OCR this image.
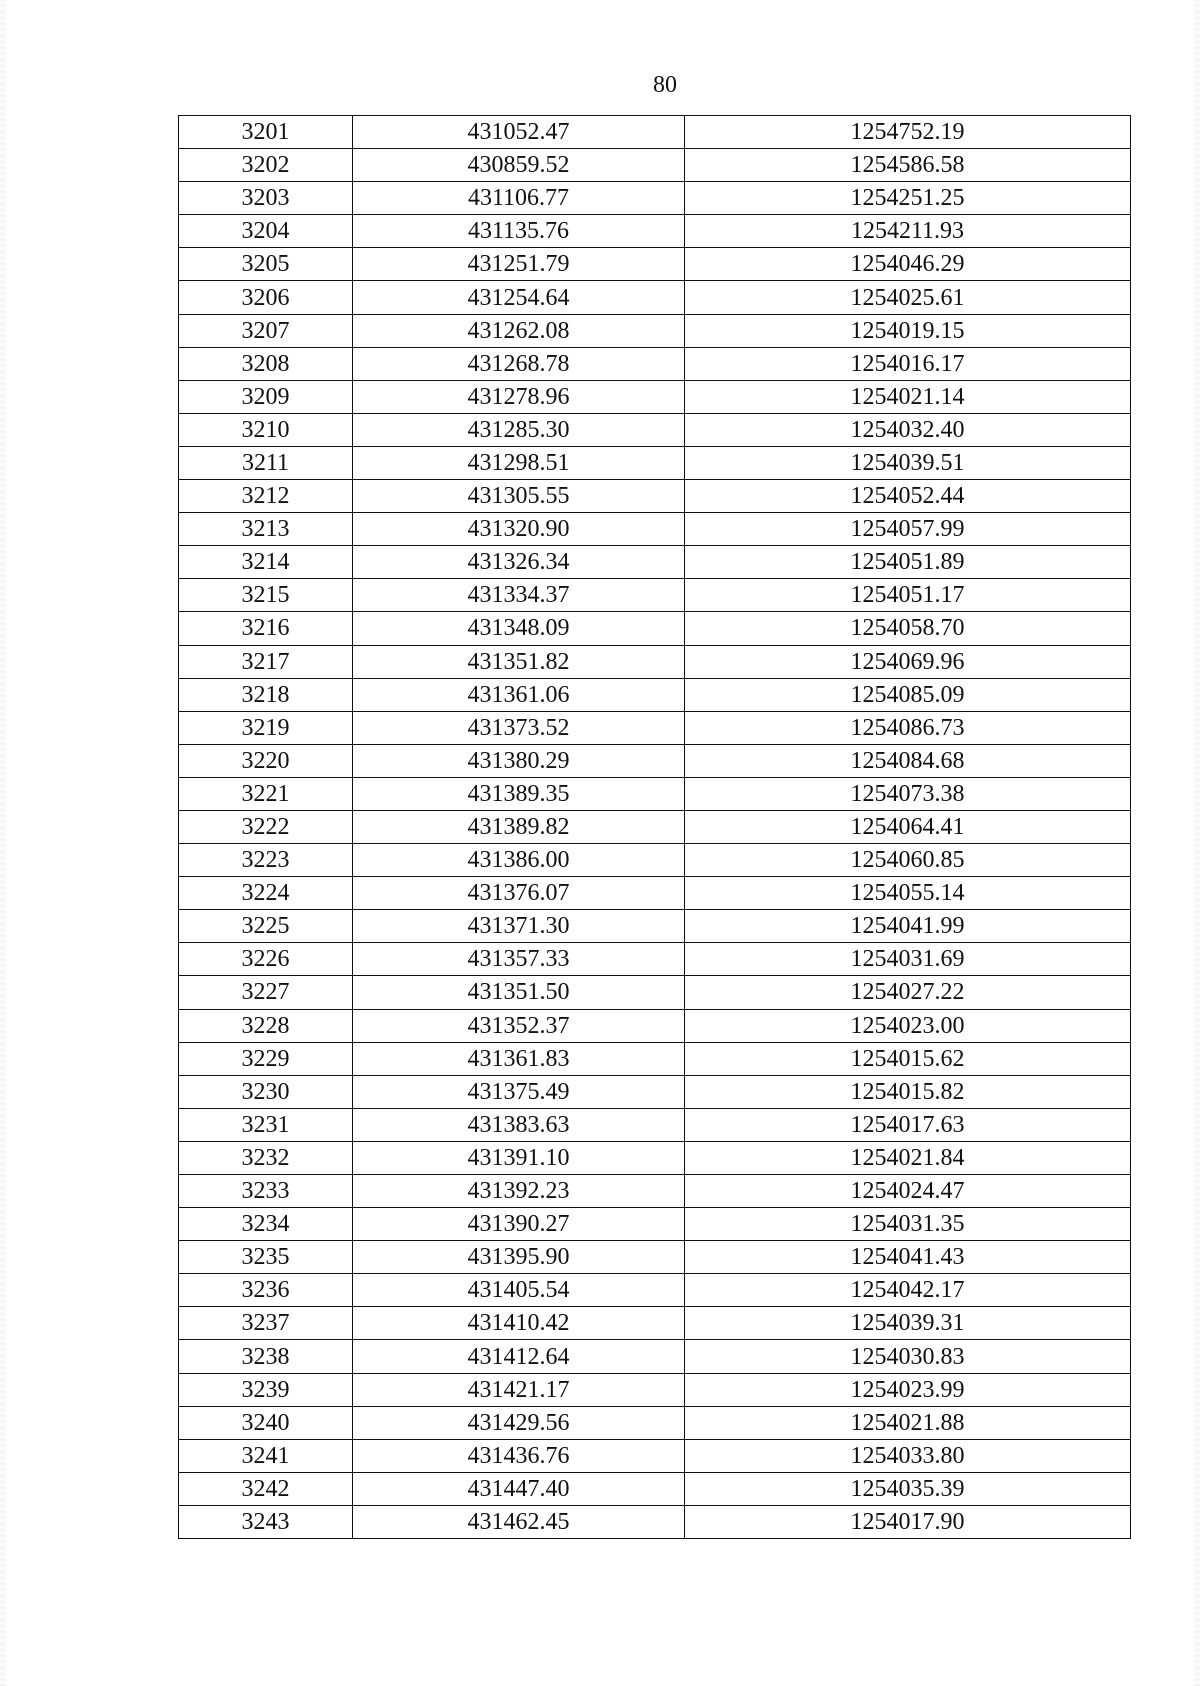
80
3201	431052.47	1254752.19
3202	430859.52	1254586.58
3203	431106.77	1254251.25
3204	431135.76	1254211.93
3205	431251.79	1254046.29
3206	431254.64	1254025.61
3207	431262.08	1254019.15
3208	431268.78	1254016.17
3209	431278.96	1254021.14
3210	431285.30	1254032.40
3211	431298.51	1254039.51
3212	431305.55	1254052.44
3213	431320.90	1254057.99
3214	431326.34	1254051.89
3215	431334.37	1254051.17
3216	431348.09	1254058.70
3217	431351.82	1254069.96
3218	431361.06	1254085.09
3219	431373.52	1254086.73
3220	431380.29	1254084.68
3221	431389.35	1254073.38
3222	431389.82	1254064.41
3223	431386.00	1254060.85
3224	431376.07	1254055.14
3225	431371.30	1254041.99
3226	431357.33	1254031.69
3227	431351.50	1254027.22
3228	431352.37	1254023.00
3229	431361.83	1254015.62
3230	431375.49	1254015.82
3231	431383.63	1254017.63
3232	431391.10	1254021.84
3233	431392.23	1254024.47
3234	431390.27	1254031.35
3235	431395.90	1254041.43
3236	431405.54	1254042.17
3237	431410.42	1254039.31
3238	431412.64	1254030.83
3239	431421.17	1254023.99
3240	431429.56	1254021.88
3241	431436.76	1254033.80
3242	431447.40	1254035.39
3243	431462.45	1254017.90
